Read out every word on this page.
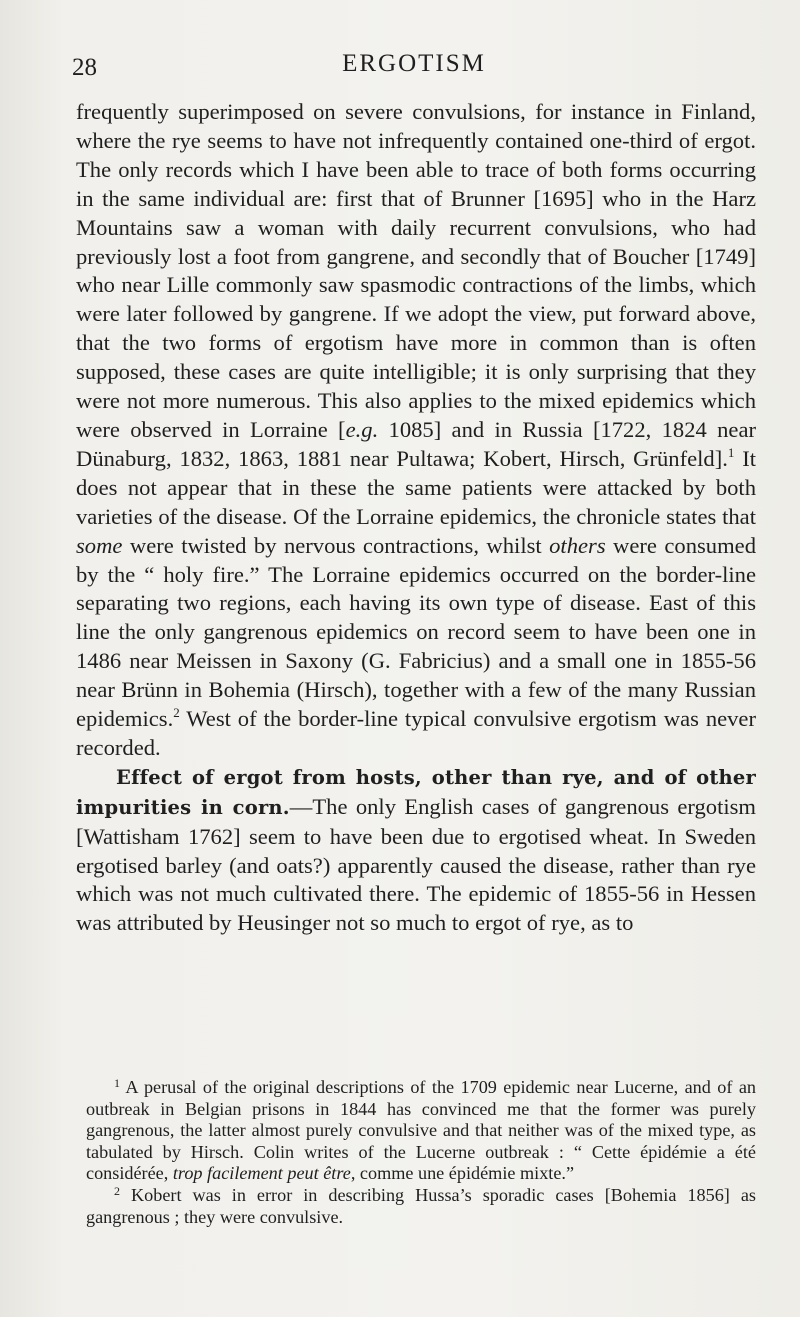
28	ERGOTISM

frequently superimposed on severe convulsions, for instance in Finland, where the rye seems to have not infrequently contained one-third of ergot. The only records which I have been able to trace of both forms occurring in the same individual are: first that of Brunner [1695] who in the Harz Mountains saw a woman with daily recurrent convulsions, who had previously lost a foot from gangrene, and secondly that of Boucher [1749] who near Lille commonly saw spasmodic contractions of the limbs, which were later followed by gangrene. If we adopt the view, put forward above, that the two forms of ergotism have more in common than is often supposed, these cases are quite intelligible; it is only surprising that they were not more numerous. This also applies to the mixed epidemics which were observed in Lorraine [e.g. 1085] and in Russia [1722, 1824 near Dünaburg, 1832, 1863, 1881 near Pultawa; Kobert, Hirsch, Grünfeld].$^1$ It does not appear that in these the same patients were attacked by both varieties of the disease. Of the Lorraine epidemics, the chronicle states that some were twisted by nervous contractions, whilst others were consumed by the “ holy fire.” The Lorraine epidemics occurred on the border-line separating two regions, each having its own type of disease. East of this line the only gangrenous epidemics on record seem to have been one in 1486 near Meissen in Saxony (G. Fabricius) and a small one in 1855-56 near Brünn in Bohemia (Hirsch), together with a few of the many Russian epidemics.$^2$ West of the border-line typical convulsive ergotism was never recorded.

Effect of ergot from hosts, other than rye, and of other impurities in corn.—The only English cases of gangrenous ergotism [Wattisham 1762] seem to have been due to ergotised wheat. In Sweden ergotised barley (and oats?) apparently caused the disease, rather than rye which was not much cultivated there. The epidemic of 1855-56 in Hessen was attributed by Heusinger not so much to ergot of rye, as to

$^1$ A perusal of the original descriptions of the 1709 epidemic near Lucerne, and of an outbreak in Belgian prisons in 1844 has convinced me that the former was purely gangrenous, the latter almost purely convulsive and that neither was of the mixed type, as tabulated by Hirsch. Colin writes of the Lucerne outbreak : “ Cette épidémie a été considérée, trop facilement peut être, comme une épidémie mixte.”

$^2$ Kobert was in error in describing Hussa’s sporadic cases [Bohemia 1856] as gangrenous ; they were convulsive.
